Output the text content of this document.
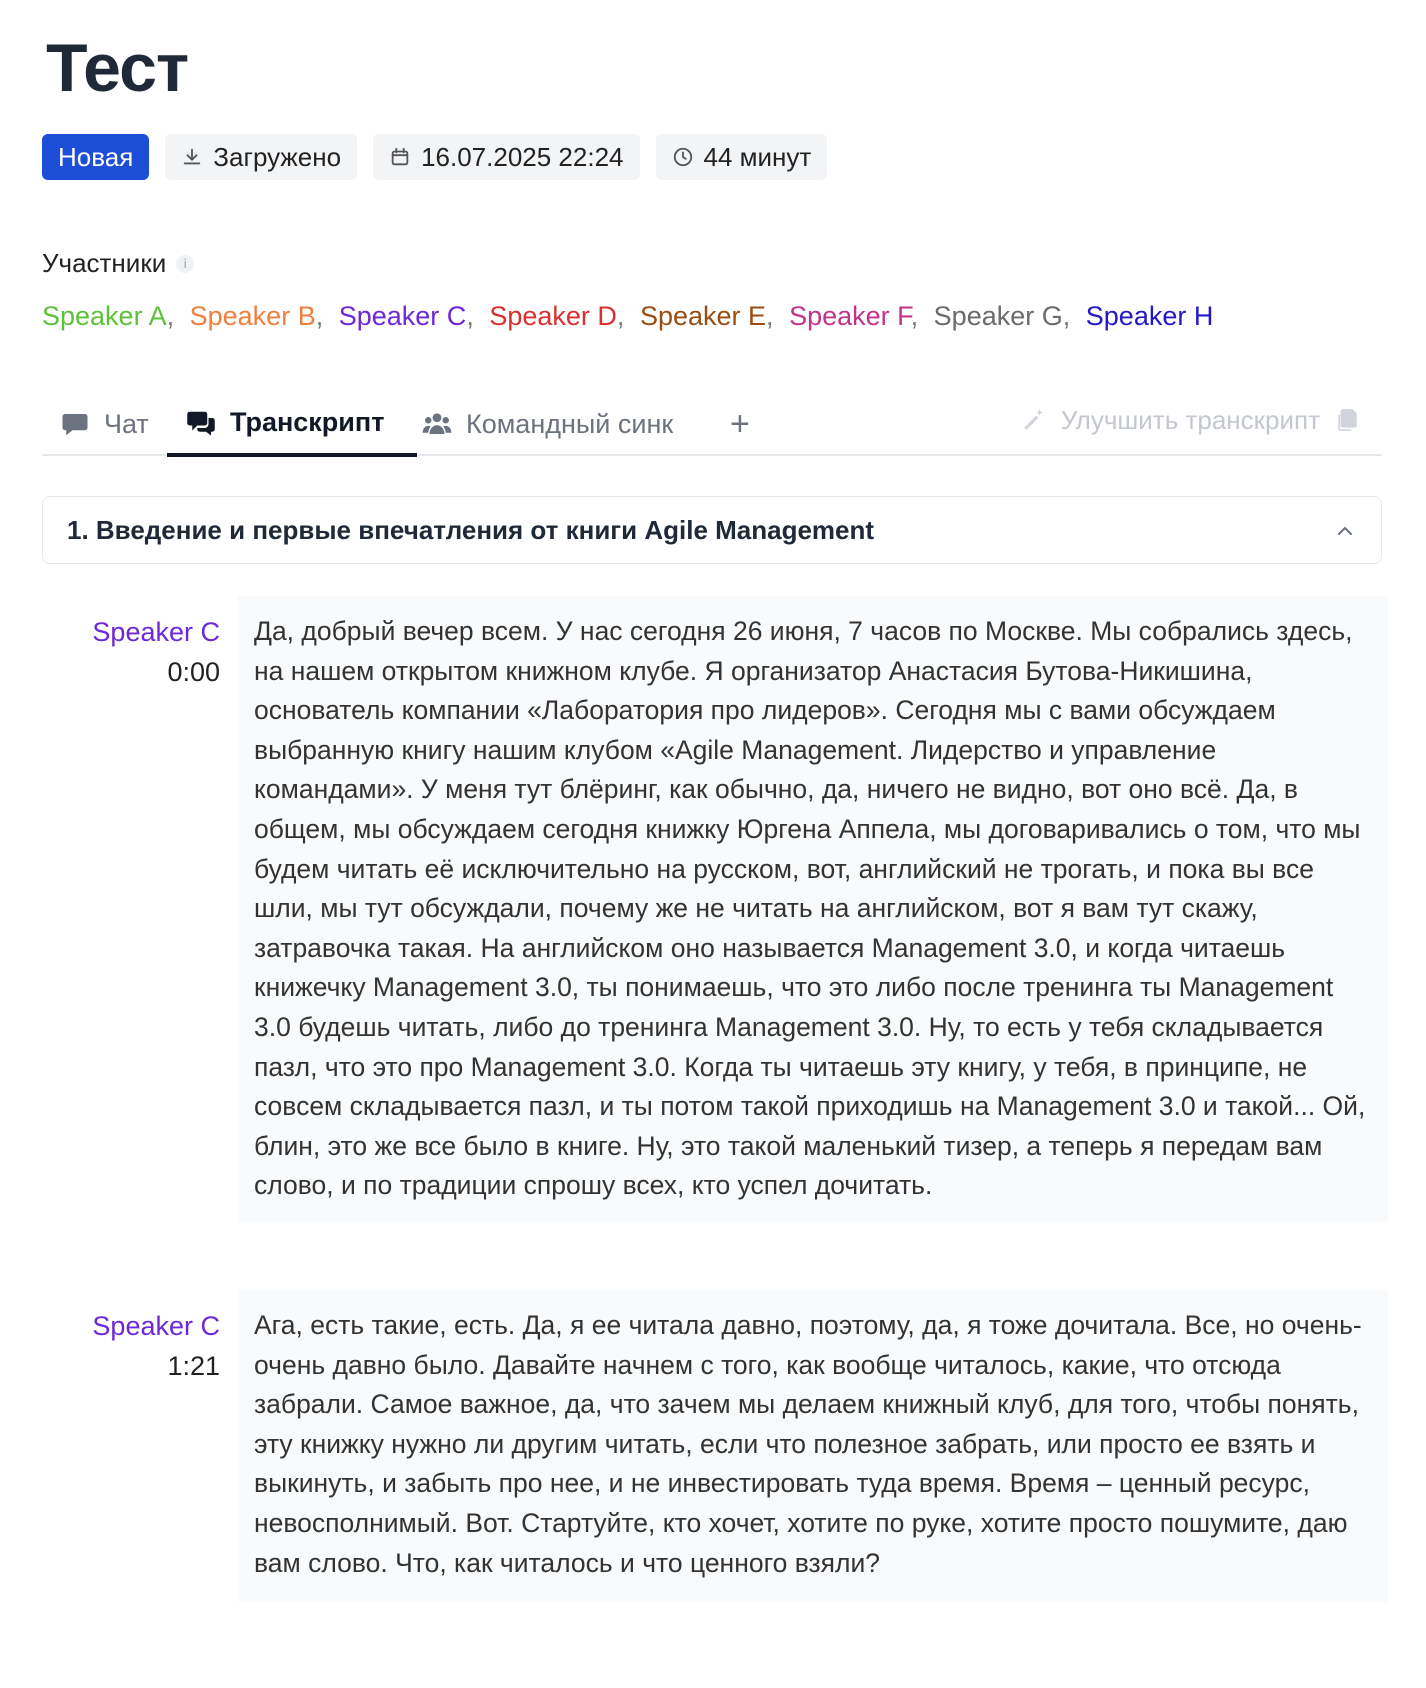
Тест
Новая	Загружено	16.07.2025 22:24	44 минут
Участники	i
Speaker A, Speaker B, Speaker C, Speaker D, Speaker E, Speaker F, Speaker G, Speaker H
Чат	Транскрипт	Командный синк +	Улучшить транскрипт
1. Введение и первые впечатления от книги Agile Management
Speaker C
0:00
Да, добрый вечер всем. У нас сегодня 26 июня, 7 часов по Москве. Мы собрались здесь, на нашем открытом книжном клубе. Я организатор Анастасия Бутова-Никишина, основатель компании «Лаборатория про лидеров». Сегодня мы с вами обсуждаем выбранную книгу нашим клубом «Agile Management. Лидерство и управление командами». У меня тут блёринг, как обычно, да, ничего не видно, вот оно всё. Да, в общем, мы обсуждаем сегодня книжку Юргена Аппела, мы договаривались о том, что мы будем читать её исключительно на русском, вот, английский не трогать, и пока вы все шли, мы тут обсуждали, почему же не читать на английском, вот я вам тут скажу, затравочка такая. На английском оно называется Management 3.0, и когда читаешь книжечку Management 3.0, ты понимаешь, что это либо после тренинга ты Management 3.0 будешь читать, либо до тренинга Management 3.0. Ну, то есть у тебя складывается пазл, что это про Management 3.0. Когда ты читаешь эту книгу, у тебя, в принципе, не совсем складывается пазл, и ты потом такой приходишь на Management 3.0 и такой... Ой, блин, это же все было в книге. Ну, это такой маленький тизер, а теперь я передам вам слово, и по традиции спрошу всех, кто успел дочитать.
Speaker C
1:21
Ага, есть такие, есть. Да, я ее читала давно, поэтому, да, я тоже дочитала. Все, но очень-очень давно было. Давайте начнем с того, как вообще читалось, какие, что отсюда забрали. Самое важное, да, что зачем мы делаем книжный клуб, для того, чтобы понять, эту книжку нужно ли другим читать, если что полезное забрать, или просто ее взять и выкинуть, и забыть про нее, и не инвестировать туда время. Время – ценный ресурс, невосполнимый. Вот. Стартуйте, кто хочет, хотите по руке, хотите просто пошумите, даю вам слово. Что, как читалось и что ценного взяли?
